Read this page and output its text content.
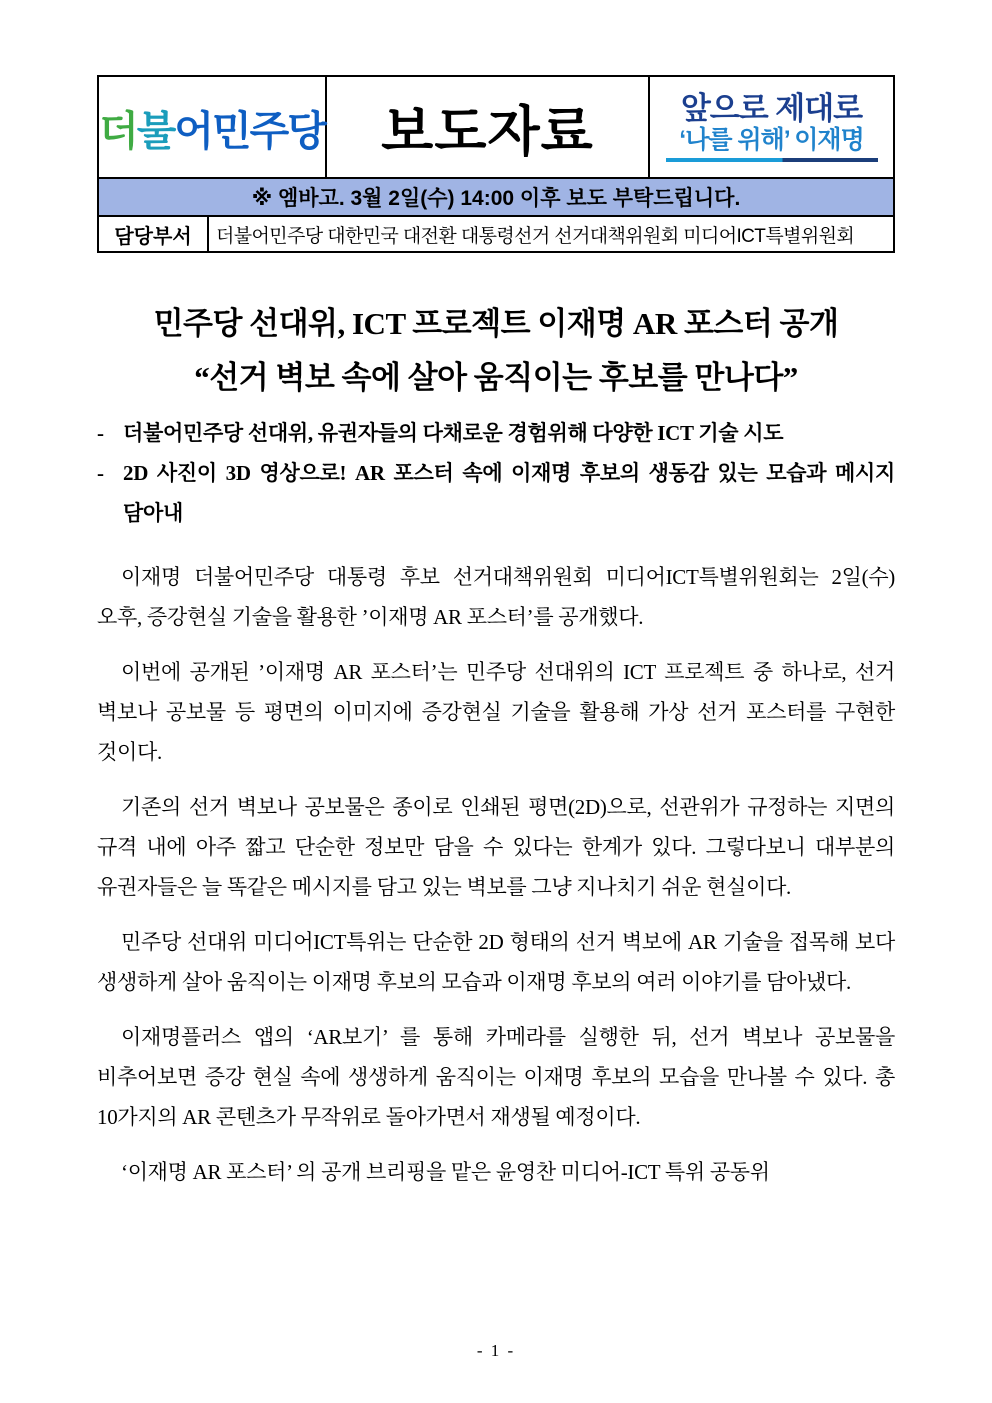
더불어민주당 보도자료	앞으로 제대로
‘나를 위해’ 이재명
※ 엠바고. 3월 2일(수) 14:00 이후 보도 부탁드립니다.
담당부서	더불어민주당 대한민국 대전환 대통령선거 선거대책위원회 미디어ICT특별위원회
민주당 선대위, ICT 프로젝트 이재명 AR 포스터 공개
“선거 벽보 속에 살아 움직이는 후보를 만나다”
- 더불어민주당 선대위, 유권자들의 다채로운 경험위해 다양한 ICT 기술 시도
- 2D 사진이 3D 영상으로! AR 포스터 속에 이재명 후보의 생동감 있는 모습과 메시지 담아내

이재명 더불어민주당 대통령 후보 선거대책위원회 미디어ICT특별위원회는 2일(수) 오후, 증강현실 기술을 활용한 ’이재명 AR 포스터’를 공개했다.

이번에 공개된 ’이재명 AR 포스터’는 민주당 선대위의 ICT 프로젝트 중 하나로, 선거 벽보나 공보물 등 평면의 이미지에 증강현실 기술을 활용해 가상 선거 포스터를 구현한 것이다.

기존의 선거 벽보나 공보물은 종이로 인쇄된 평면(2D)으로, 선관위가 규정하는 지면의 규격 내에 아주 짧고 단순한 정보만 담을 수 있다는 한계가 있다. 그렇다보니 대부분의 유권자들은 늘 똑같은 메시지를 담고 있는 벽보를 그냥 지나치기 쉬운 현실이다.

민주당 선대위 미디어ICT특위는 단순한 2D 형태의 선거 벽보에 AR 기술을 접목해 보다 생생하게 살아 움직이는 이재명 후보의 모습과 이재명 후보의 여러 이야기를 담아냈다.

이재명플러스 앱의 ‘AR보기’ 를 통해 카메라를 실행한 뒤, 선거 벽보나 공보물을 비추어보면 증강 현실 속에 생생하게 움직이는 이재명 후보의 모습을 만나볼 수 있다. 총 10가지의 AR 콘텐츠가 무작위로 돌아가면서 재생될 예정이다.

‘이재명 AR 포스터’ 의 공개 브리핑을 맡은 윤영찬 미디어-ICT 특위 공동위

- 1 -
